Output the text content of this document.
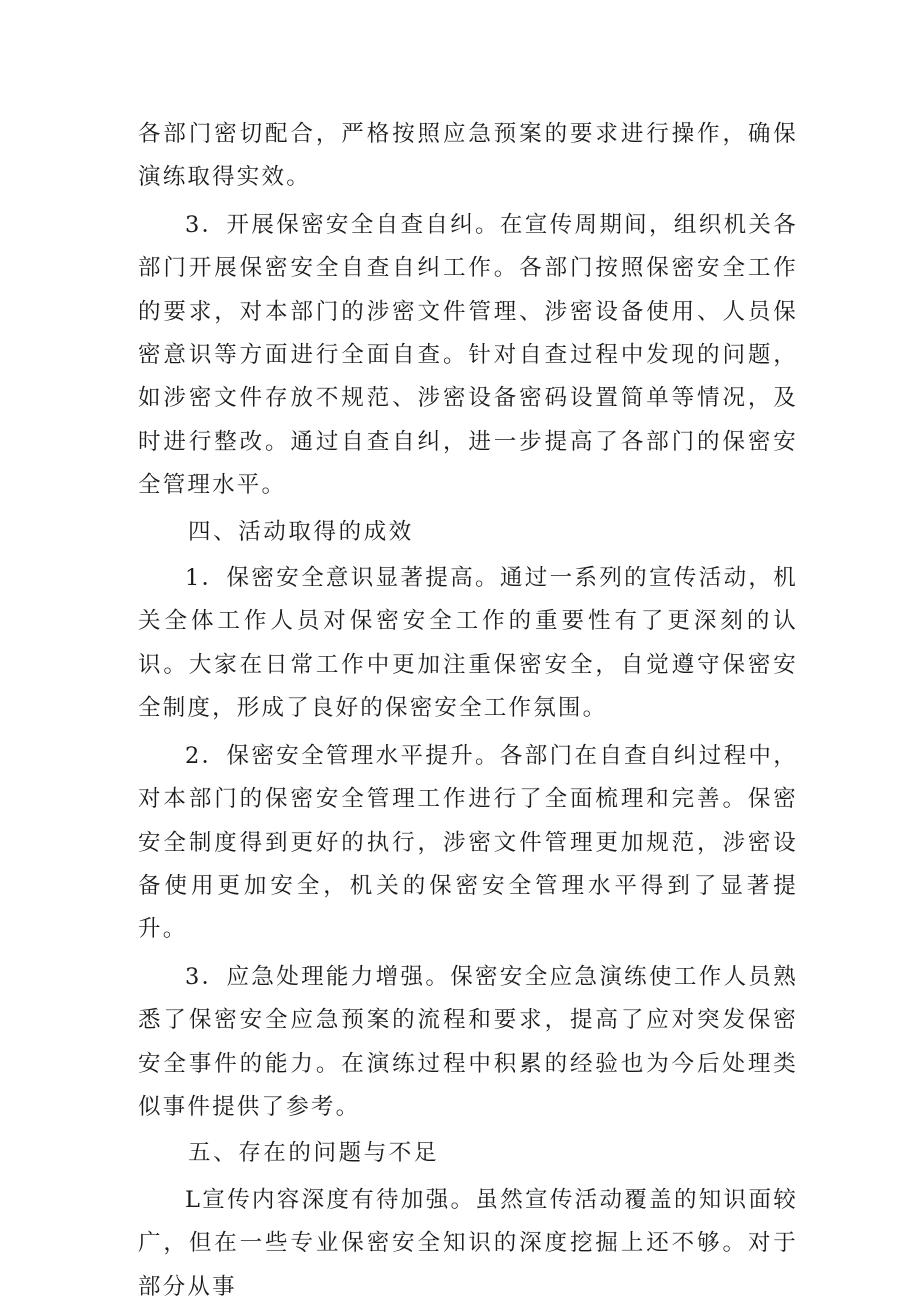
各部门密切配合，严格按照应急预案的要求进行操作，确保演练取得实效。

3．开展保密安全自查自纠。在宣传周期间，组织机关各部门开展保密安全自查自纠工作。各部门按照保密安全工作的要求，对本部门的涉密文件管理、涉密设备使用、人员保密意识等方面进行全面自查。针对自查过程中发现的问题，如涉密文件存放不规范、涉密设备密码设置简单等情况，及时进行整改。通过自查自纠，进一步提高了各部门的保密安全管理水平。

四、活动取得的成效

1．保密安全意识显著提高。通过一系列的宣传活动，机关全体工作人员对保密安全工作的重要性有了更深刻的认识。大家在日常工作中更加注重保密安全，自觉遵守保密安全制度，形成了良好的保密安全工作氛围。

2．保密安全管理水平提升。各部门在自查自纠过程中，对本部门的保密安全管理工作进行了全面梳理和完善。保密安全制度得到更好的执行，涉密文件管理更加规范，涉密设备使用更加安全，机关的保密安全管理水平得到了显著提升。

3．应急处理能力增强。保密安全应急演练使工作人员熟悉了保密安全应急预案的流程和要求，提高了应对突发保密安全事件的能力。在演练过程中积累的经验也为今后处理类似事件提供了参考。

五、存在的问题与不足

L宣传内容深度有待加强。虽然宣传活动覆盖的知识面较广，但在一些专业保密安全知识的深度挖掘上还不够。对于部分从事
